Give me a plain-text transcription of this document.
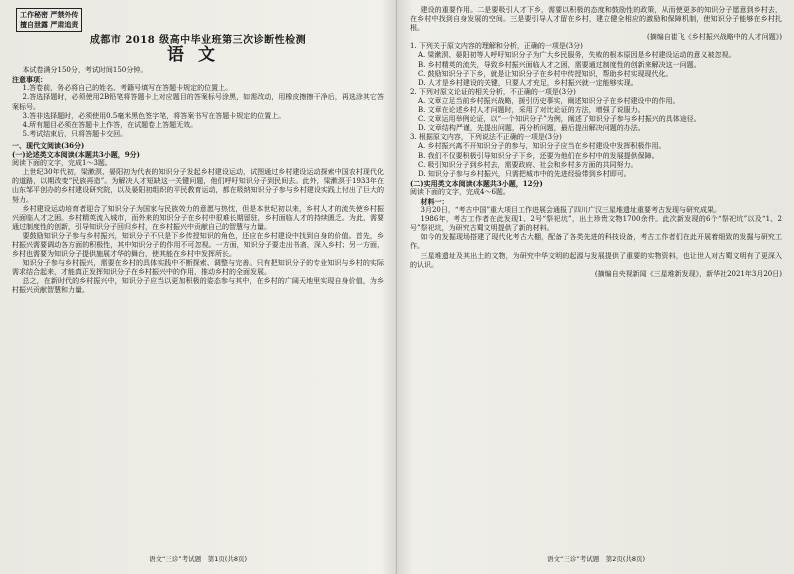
工作秘密 严禁外传
擅自泄露 严肃追责
成都市 2018 级高中毕业班第三次诊断性检测
语文

本试卷满分150分，考试时间150分钟。

注意事项：

1.答卷前，务必将自己的姓名、考籍号填写在答题卡规定的位置上。

2.答选择题时，必须使用2B铅笔将答题卡上对应题目的答案标号涂黑，如需改动，用橡皮擦擦干净后，再选涂其它答案标号。

3.答非选择题时，必须使用0.5毫米黑色签字笔，将答案书写在答题卡规定的位置上。

4.所有题目必须在答题卡上作答，在试题卷上答题无效。

5.考试结束后，只将答题卡交回。

一、现代文阅读(36分)

(一)论述类文本阅读(本题共3小题，9分)

阅读下面的文字，完成1～3题。

上世纪30年代初，梁漱溟、晏阳初为代表的知识分子发起乡村建设运动，试图通过乡村建设运动探索中国农村现代化的道路，以期改变“民族再造”。为解决人才短缺这一关键问题，他们呼吁知识分子到民间去。此外，梁漱溟于1933年在山东邹平创办的乡村建设研究院，以及晏阳初组织的平民教育运动，都在吸纳知识分子参与乡村建设实践上付出了巨大的努力。

乡村建设运动培育者迎合了知识分子为国家与民族效力的意愿与热忱，但是本世纪初以来，乡村人才的流失使乡村振兴面临人才之困。乡村精英流入城市，而外来的知识分子在乡村中很难长期留驻，乡村面临人才的持续匮乏。为此，需要通过制度性的创新，引导知识分子回归乡村，在乡村振兴中贡献自己的智慧与力量。

要鼓励知识分子参与乡村振兴，知识分子不只是下乡传授知识的角色，还应在乡村建设中找到自身的价值。首先，乡村振兴需要调动各方面的积极性，其中知识分子的作用不可忽视。一方面，知识分子要走出书斋，深入乡村；另一方面，乡村也需要为知识分子提供施展才华的舞台，使其能在乡村中发挥所长。

知识分子参与乡村振兴，需要在乡村的具体实践中不断探索、调整与完善。只有把知识分子的专业知识与乡村的实际需求结合起来，才能真正发挥知识分子在乡村振兴中的作用，推动乡村的全面发展。

总之，在新时代的乡村振兴中，知识分子应当以更加积极的姿态参与其中，在乡村的广阔天地里实现自身价值，为乡村振兴贡献智慧和力量。

语文“三诊”考试题　第1页(共8页)

建设的重要作用。二是要吸引人才下乡，需要以积极的态度和鼓励性的政策，从而使更多的知识分子愿意到乡村去，在乡村中找到自身发展的空间。三是要引导人才留在乡村，建立健全相应的激励和保障机制，使知识分子能够在乡村扎根。

(摘编自崔飞《乡村振兴战略中的人才问题》)

1. 下列关于原文内容的理解和分析，正确的一项是(3分)

A. 梁漱溟、晏阳初等人呼吁知识分子为广大乡民服务，失败的根本原因是乡村建设运动的意义被忽视。

B. 乡村精英的流失，导致乡村振兴面临人才之困，需要通过制度性的创新来解决这一问题。

C. 鼓励知识分子下乡，就是让知识分子在乡村中传授知识，帮助乡村实现现代化。

D. 人才是乡村建设的关键，只要人才充足，乡村振兴就一定能够实现。

2. 下列对原文论证的相关分析，不正确的一项是(3分)

A. 文章立足当前乡村振兴战略，援引历史事实，阐述知识分子在乡村建设中的作用。

B. 文章在论述乡村人才问题时，采用了对比论证的方法，增强了说服力。

C. 文章运用举例论证，以“一个知识分子”为例，阐述了知识分子参与乡村振兴的具体途径。

D. 文章结构严谨，先提出问题，再分析问题，最后提出解决问题的办法。

3. 根据原文内容，下列说法不正确的一项是(3分)

A. 乡村振兴离不开知识分子的参与，知识分子应当在乡村建设中发挥积极作用。

B. 我们不仅要积极引导知识分子下乡，还要为他们在乡村中的发展提供保障。

C. 吸引知识分子到乡村去，需要政府、社会和乡村多方面的共同努力。

D. 知识分子参与乡村振兴，只需把城市中的先进经验带到乡村即可。

(二)实用类文本阅读(本题共3小题，12分)

阅读下面的文字，完成4～6题。

材料一：

3月20日，“考古中国”重大项目工作进展会通报了四川广汉三星堆遗址重要考古发现与研究成果。

1986年，考古工作者在此发现1、2号“祭祀坑”，出土珍贵文物1700余件。此次新发现的6个“祭祀坑”以及“1、2号”祭祀坑，为研究古蜀文明提供了新的材料。

如今的发掘现场搭建了现代化考古大棚，配备了各类先进的科技设备，考古工作者们在此开展着细致的发掘与研究工作。

三星堆遗址及其出土的文物，为研究中华文明的起源与发展提供了重要的实物资料，也让世人对古蜀文明有了更深入的认识。

(摘编自央视新闻《三星堆新发现》，新华社2021年3月20日)

语文“三诊”考试题　第2页(共8页)
